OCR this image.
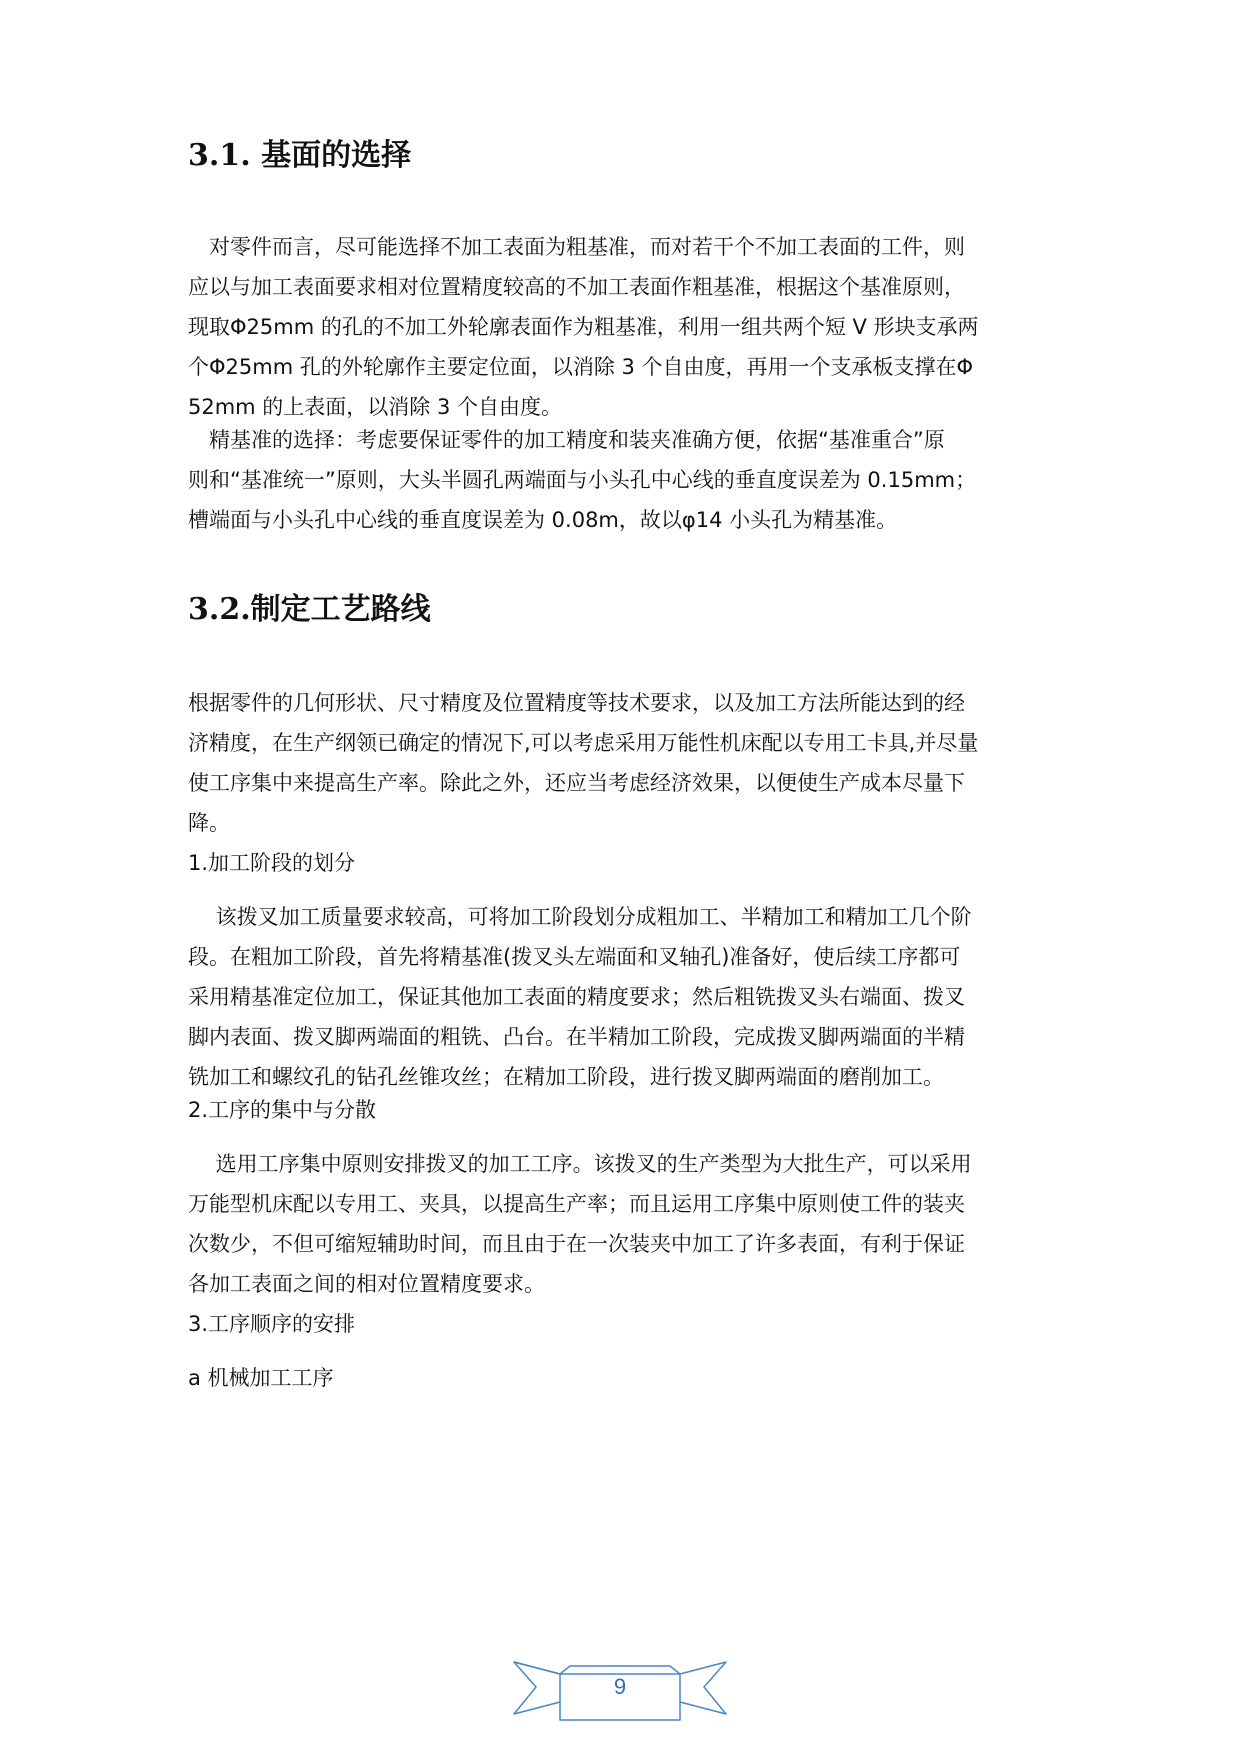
3.1. 基面的选择
　对零件而言，尽可能选择不加工表面为粗基准，而对若干个不加工表面的工件，则
应以与加工表面要求相对位置精度较高的不加工表面作粗基准，根据这个基准原则，
现取Φ25mm 的孔的不加工外轮廓表面作为粗基准，利用一组共两个短 V 形块支承两
个Φ25mm 孔的外轮廓作主要定位面，以消除 3 个自由度，再用一个支承板支撑在Φ
52mm 的上表面，以消除 3 个自由度。
　精基准的选择：考虑要保证零件的加工精度和装夹准确方便，依据“基准重合”原
则和“基准统一”原则，大头半圆孔两端面与小头孔中心线的垂直度误差为 0.15mm；
槽端面与小头孔中心线的垂直度误差为 0.08m，故以φ14 小头孔为精基准。
3.2.制定工艺路线
根据零件的几何形状、尺寸精度及位置精度等技术要求，以及加工方法所能达到的经
济精度，在生产纲领已确定的情况下,可以考虑采用万能性机床配以专用工卡具,并尽量
使工序集中来提高生产率。除此之外，还应当考虑经济效果，以便使生产成本尽量下
降。

1.加工阶段的划分

　 该拨叉加工质量要求较高，可将加工阶段划分成粗加工、半精加工和精加工几个阶
段。在粗加工阶段，首先将精基准(拨叉头左端面和叉轴孔)准备好，使后续工序都可
采用精基准定位加工，保证其他加工表面的精度要求；然后粗铣拨叉头右端面、拨叉
脚内表面、拨叉脚两端面的粗铣、凸台。在半精加工阶段，完成拨叉脚两端面的半精
铣加工和螺纹孔的钻孔丝锥攻丝；在精加工阶段，进行拨叉脚两端面的磨削加工。

2.工序的集中与分散

　 选用工序集中原则安排拨叉的加工工序。该拨叉的生产类型为大批生产，可以采用
万能型机床配以专用工、夹具，以提高生产率；而且运用工序集中原则使工件的装夹
次数少，不但可缩短辅助时间，而且由于在一次装夹中加工了许多表面，有利于保证
各加工表面之间的相对位置精度要求。

3.工序顺序的安排

a 机械加工工序

9
